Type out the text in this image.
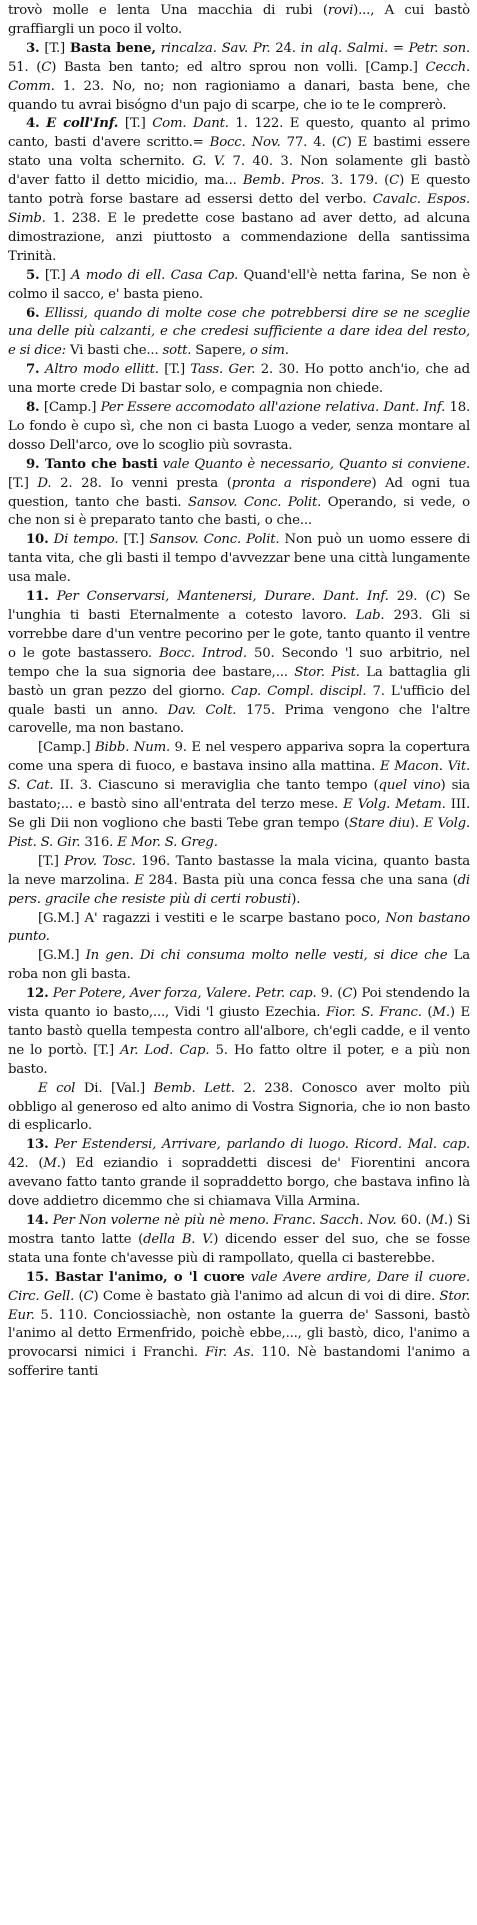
trovò molle e lenta Una macchia di rubi (rovi)..., A cui bastò graffiargli un poco il volto.

3. [T.] Basta bene, rincalza. Sav. Pr. 24. in alq. Salmi. = Petr. son. 51. (C) Basta ben tanto; ed altro sprou non volli. [Camp.] Cecch. Comm. 1. 23. No, no; non ragioniamo a danari, basta bene, che quando tu avrai bisógno d'un pajo di scarpe, che io te le comprerò.

4. E coll'Inf. [T.] Com. Dant. 1. 122. E questo, quanto al primo canto, basti d'avere scritto.= Bocc. Nov. 77. 4. (C) E bastimi essere stato una volta schernito. G. V. 7. 40. 3. Non solamente gli bastò d'aver fatto il detto micidio, ma... Bemb. Pros. 3. 179. (C) E questo tanto potrà forse bastare ad essersi detto del verbo. Cavalc. Espos. Simb. 1. 238. E le predette cose bastano ad aver detto, ad alcuna dimostrazione, anzi piuttosto a commendazione della santissima Trinità.

5. [T.] A modo di ell. Casa Cap. Quand'ell'è netta farina, Se non è colmo il sacco, e' basta pieno.

6. Ellissi, quando di molte cose che potrebbersi dire se ne sceglie una delle più calzanti, e che credesi sufficiente a dare idea del resto, e si dice: Vi basti che... sott. Sapere, o sim.

7. Altro modo ellitt. [T.] Tass. Ger. 2. 30. Ho potto anch'io, che ad una morte crede Di bastar solo, e compagnia non chiede.

8. [Camp.] Per Essere accomodato all'azione relativa. Dant. Inf. 18. Lo fondo è cupo sì, che non ci basta Luogo a veder, senza montare al dosso Dell'arco, ove lo scoglio più sovrasta.

9. Tanto che basti vale Quanto è necessario, Quanto si conviene. [T.] D. 2. 28. Io venni presta (pronta a rispondere) Ad ogni tua question, tanto che basti. Sansov. Conc. Polit. Operando, si vede, o che non si è preparato tanto che basti, o che...

10. Di tempo. [T.] Sansov. Conc. Polit. Non può un uomo essere di tanta vita, che gli basti il tempo d'avvezzar bene una città lungamente usa male.

11. Per Conservarsi, Mantenersi, Durare. Dant. Inf. 29. (C) Se l'unghia ti basti Eternalmente a cotesto lavoro. Lab. 293. Gli si vorrebbe dare d'un ventre pecorino per le gote, tanto quanto il ventre o le gote bastassero. Bocc. Introd. 50. Secondo 'l suo arbitrio, nel tempo che la sua signoria dee bastare,... Stor. Pist. La battaglia gli bastò un gran pezzo del giorno. Cap. Compl. discipl. 7. L'ufficio del quale basti un anno. Dav. Colt. 175. Prima vengono che l'altre carovelle, ma non bastano.

[Camp.] Bibb. Num. 9. E nel vespero appariva sopra la copertura come una spera di fuoco, e bastava insino alla mattina. E Macon. Vit. S. Cat. II. 3. Ciascuno si meraviglia che tanto tempo (quel vino) sia bastato;... e bastò sino all'entrata del terzo mese. E Volg. Metam. III. Se gli Dii non vogliono che basti Tebe gran tempo (Stare diu). E Volg. Pist. S. Gir. 316. E Mor. S. Greg.

[T.] Prov. Tosc. 196. Tanto bastasse la mala vicina, quanto basta la neve marzolina. E 284. Basta più una conca fessa che una sana (di pers. gracile che resiste più di certi robusti).

[G.M.] A' ragazzi i vestiti e le scarpe bastano poco, Non bastano punto.

[G.M.] In gen. Di chi consuma molto nelle vesti, si dice che La roba non gli basta.

12. Per Potere, Aver forza, Valere. Petr. cap. 9. (C) Poi stendendo la vista quanto io basto,..., Vidi 'l giusto Ezechia. Fior. S. Franc. (M.) E tanto bastò quella tempesta contro all'albore, ch'egli cadde, e il vento ne lo portò. [T.] Ar. Lod. Cap. 5. Ho fatto oltre il poter, e a più non basto.

E col Di. [Val.] Bemb. Lett. 2. 238. Conosco aver molto più obbligo al generoso ed alto animo di Vostra Signoria, che io non basto di esplicarlo.

13. Per Estendersi, Arrivare, parlando di luogo. Ricord. Mal. cap. 42. (M.) Ed eziandio i sopraddetti discesi de' Fiorentini ancora avevano fatto tanto grande il sopraddetto borgo, che bastava infino là dove addietro dicemmo che si chiamava Villa Armina.

14. Per Non volerne nè più nè meno. Franc. Sacch. Nov. 60. (M.) Si mostra tanto latte (della B. V.) dicendo esser del suo, che se fosse stata una fonte ch'avesse più di rampollato, quella ci basterebbe.

15. Bastar l'animo, o 'l cuore vale Avere ardire, Dare il cuore. Circ. Gell. (C) Come è bastato già l'animo ad alcun di voi di dire. Stor. Eur. 5. 110. Conciossiachè, non ostante la guerra de' Sassoni, bastò l'animo al detto Ermenfrido, poichè ebbe,..., gli bastò, dico, l'animo a provocarsi nimici i Franchi. Fir. As. 110. Nè bastandomi l'animo a sofferire tanti
